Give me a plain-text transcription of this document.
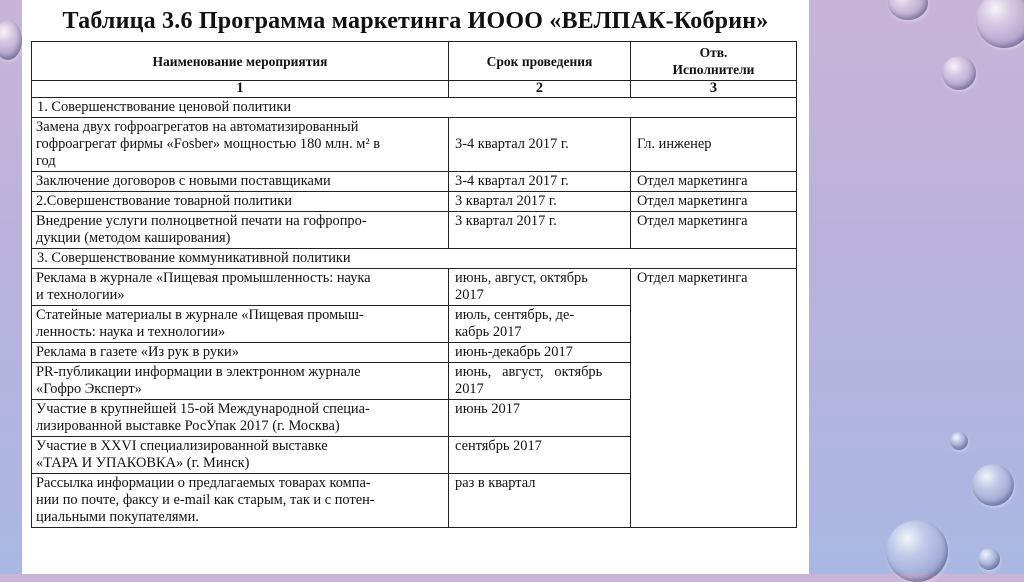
Таблица 3.6 Программа маркетинга ИООО «ВЕЛПАК-Кобрин»
Наименование мероприятия	Срок проведения	Отв.
Исполнители
1	2	3
1. Совершенствование ценовой политики		
Замена двух гофроагрегатов на автоматизированный
гофроагрегат фирмы «Fosber» мощностью 180 млн. м² в
год	3-4 квартал 2017 г.	Гл. инженер
Заключение договоров с новыми поставщиками	3-4 квартал 2017 г.	Отдел маркетинга
2.Совершенствование товарной политики	3 квартал 2017 г.	Отдел маркетинга
Внедрение услуги полноцветной печати на гофропро-
дукции (методом каширования)	3 квартал 2017 г.	Отдел маркетинга
3. Совершенствование коммуникативной политики		
Реклама в журнале «Пищевая промышленность: наука
и технологии»	июнь, август, октябрь
2017	Отдел маркетинга
Статейные материалы в журнале «Пищевая промыш-
ленность: наука и технологии»	июль, сентябрь, де-
кабрь 2017	
Реклама в газете «Из рук в руки»	июнь-декабрь 2017	
PR-публикации информации в электронном журнале
«Гофро Эксперт»	июнь,   август,   октябрь
2017	
Участие в крупнейшей 15-ой Международной специа-
лизированной выставке РосУпак 2017 (г. Москва)	июнь 2017	
Участие в XXVI специализированной выставке
«ТАРА И УПАКОВКА» (г. Минск)	сентябрь 2017	
Рассылка информации о предлагаемых товарах компа-
нии по почте, факсу и e-mail как старым, так и с потен-
циальными покупателями.	раз в квартал	
